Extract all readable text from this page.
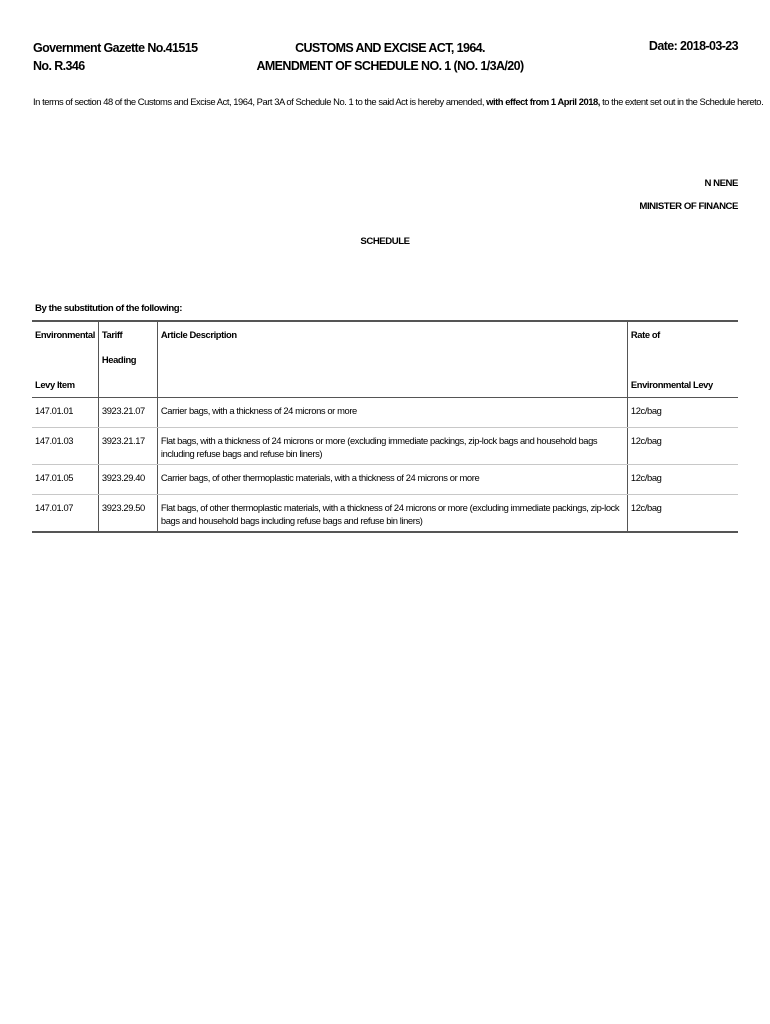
Government Gazette No.41515
No. R.346
CUSTOMS AND EXCISE ACT, 1964.
AMENDMENT OF SCHEDULE NO. 1 (NO. 1/3A/20)
Date: 2018-03-23
In terms of section 48 of the Customs and Excise Act, 1964, Part 3A of Schedule No. 1 to the said Act is hereby amended, with effect from 1 April 2018, to the extent set out in the Schedule hereto.
N NENE
MINISTER OF FINANCE
SCHEDULE
By the substitution of the following:
Environmental	Tariff Heading	Article Description	Rate of
Levy Item			Environmental Levy
147.01.01	3923.21.07	Carrier bags, with a thickness of 24 microns or more	12c/bag
147.01.03	3923.21.17	Flat bags, with a thickness of 24 microns or more (excluding immediate packings, zip-lock bags and household bags including refuse bags and refuse bin liners)	12c/bag
147.01.05	3923.29.40	Carrier bags, of other thermoplastic materials, with a thickness of 24 microns or more	12c/bag
147.01.07	3923.29.50	Flat bags, of other thermoplastic materials, with a thickness of 24 microns or more (excluding immediate packings, zip-lock bags and household bags including refuse bags and refuse bin liners)	12c/bag
